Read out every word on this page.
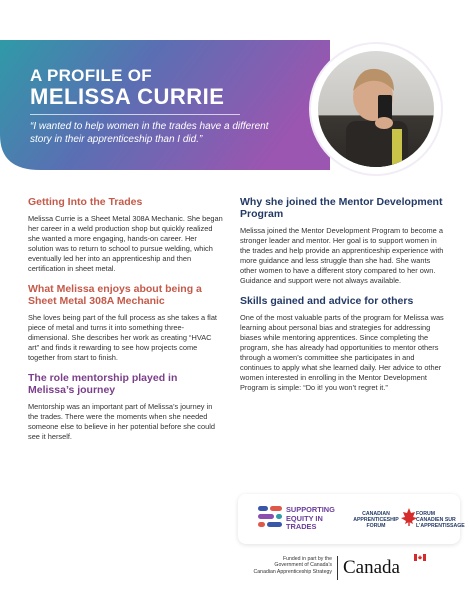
A PROFILE OF
MELISSA CURRIE
“I wanted to help women in the trades have a different story in their apprenticeship than I did.”
Getting Into the Trades

Melissa Currie is a Sheet Metal 308A Mechanic. She began her career in a weld production shop but quickly realized she wanted a more engaging, hands-on career. Her solution was to return to school to pursue welding, which eventually led her into an apprenticeship and then certification in sheet metal.

What Melissa enjoys about being a Sheet Metal 308A Mechanic

She loves being part of the full process as she takes a flat piece of metal and turns it into something three-dimensional. She describes her work as creating “HVAC art” and finds it rewarding to see how projects come together from start to finish.

The role mentorship played in Melissa’s journey

Mentorship was an important part of Melissa’s journey in the trades. There were the moments when she needed someone else to believe in her potential before she could see it herself.

Why she joined the Mentor Development Program

Melissa joined the Mentor Development Program to become a stronger leader and mentor. Her goal is to support women in the trades and help provide an apprenticeship experience with more guidance and less struggle than she had. She wants other women to have a different story compared to her own. Guidance and support were not always available.

Skills gained and advice for others

One of the most valuable parts of the program for Melissa was learning about personal bias and strategies for addressing biases while mentoring apprentices. Since completing the program, she has already had opportunities to mentor others through a women’s committee she participates in and continues to apply what she learned daily. Her advice to other women interested in enrolling in the Mentor Development Program is simple: “Do it! you won’t regret it.”

SUPPORTING
EQUITY IN
TRADES
CANADIAN
APPRENTICESHIP
FORUM
FORUM
CANADIEN SUR
L’APPRENTISSAGE
Funded in part by the
Government of Canada’s
Canadian Apprenticeship Strategy Canada
